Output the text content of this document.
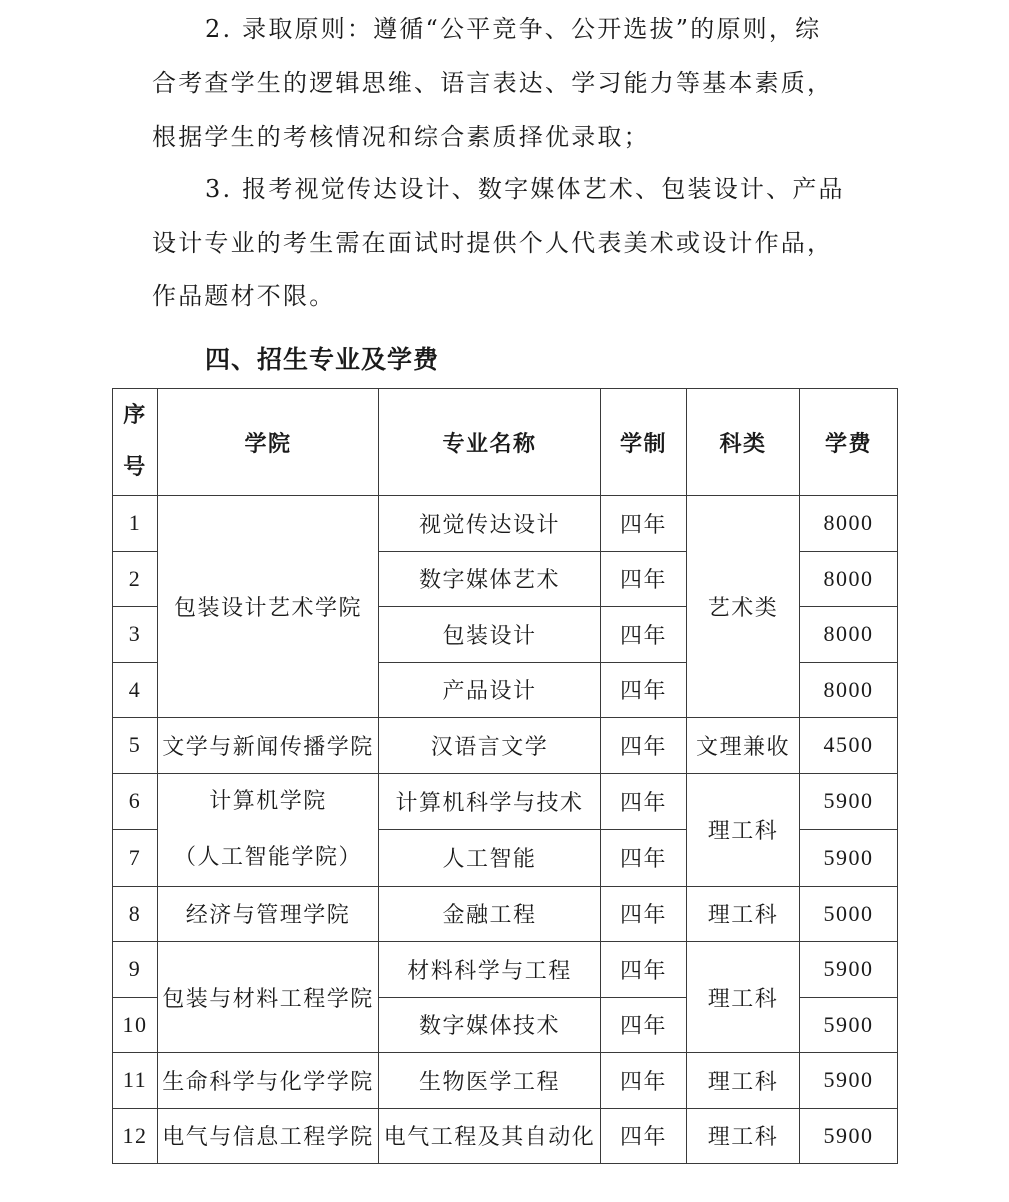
2. 录取原则：遵循“公平竞争、公开选拔”的原则，综
合考查学生的逻辑思维、语言表达、学习能力等基本素质，
根据学生的考核情况和综合素质择优录取；
3. 报考视觉传达设计、数字媒体艺术、包装设计、产品
设计专业的考生需在面试时提供个人代表美术或设计作品，
作品题材不限。
四、招生专业及学费
序
号	学院	专业名称	学制	科类	学费
1	包装设计艺术学院	视觉传达设计	四年	艺术类	8000
2		数字媒体艺术	四年		8000
3		包装设计	四年		8000
4		产品设计	四年		8000
5	文学与新闻传播学院	汉语言文学	四年	文理兼收	4500
6	计算机学院
（人工智能学院）	计算机科学与技术	四年	理工科	5900
7		人工智能	四年		5900
8	经济与管理学院	金融工程	四年	理工科	5000
9	包装与材料工程学院	材料科学与工程	四年	理工科	5900
10		数字媒体技术	四年		5900
11	生命科学与化学学院	生物医学工程	四年	理工科	5900
12	电气与信息工程学院	电气工程及其自动化	四年	理工科	5900
